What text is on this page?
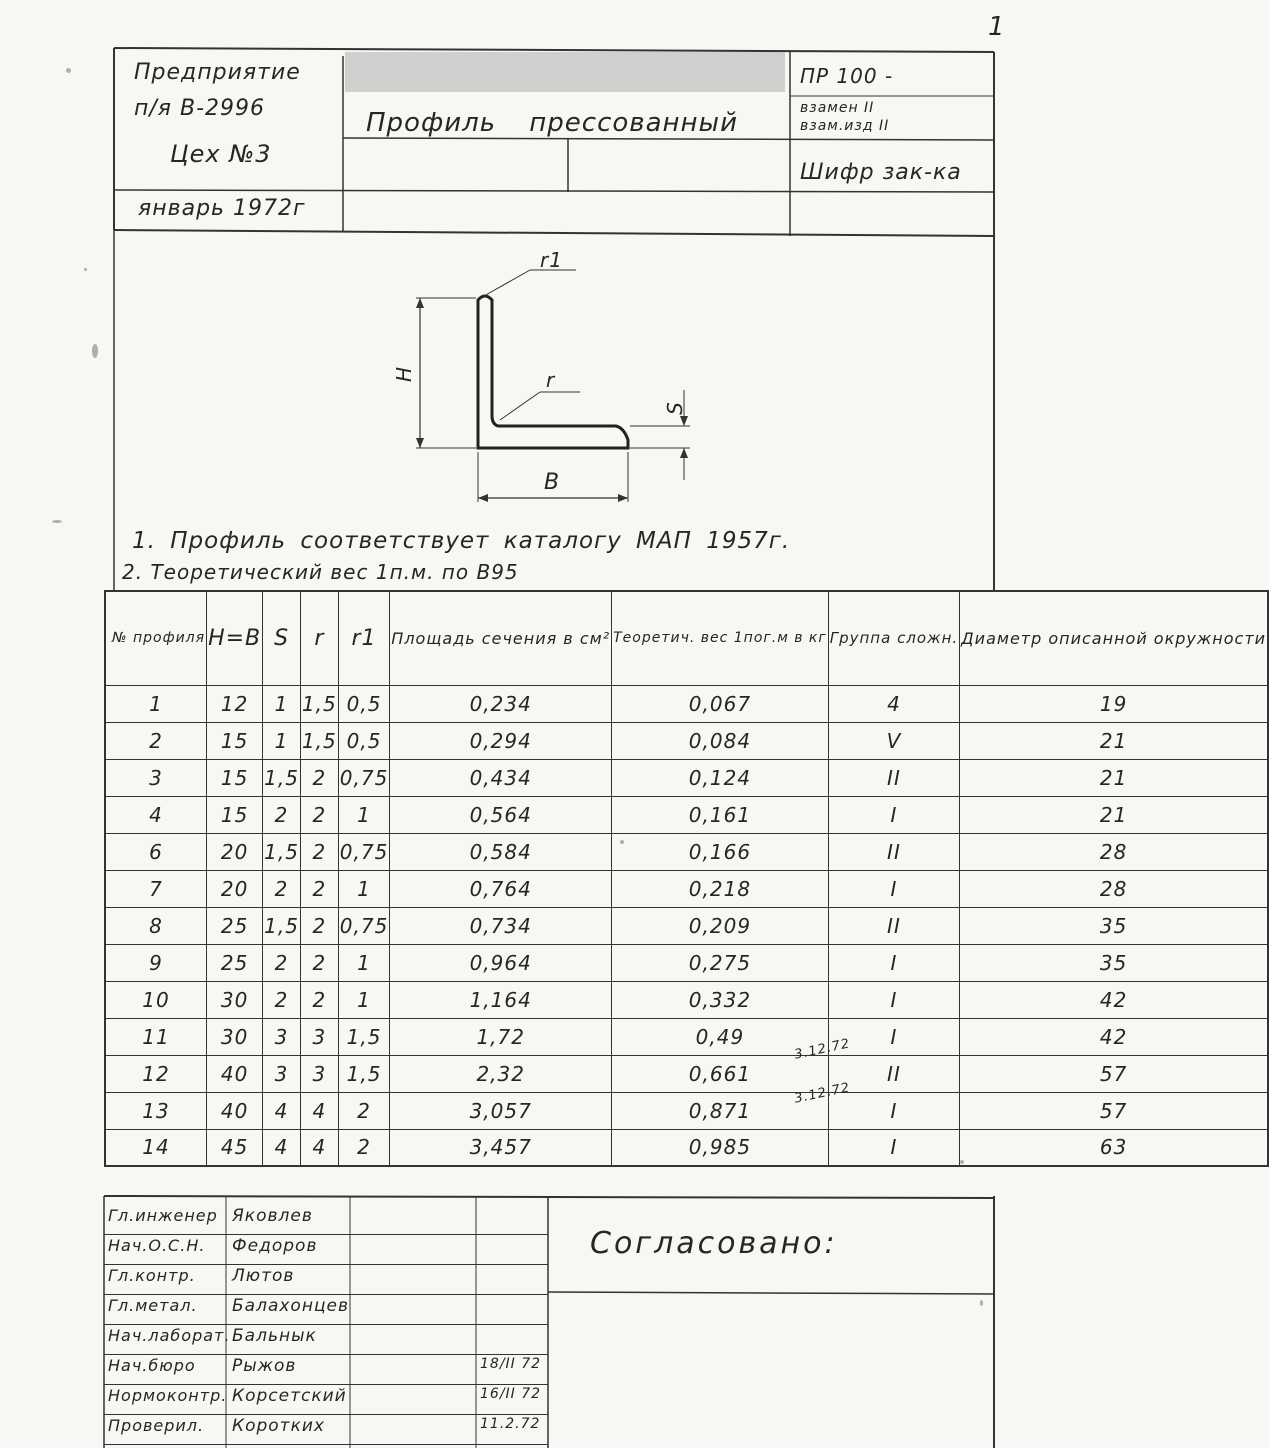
1
Предприятие
п/я В-2996
Цех №3
январь 1972г
Профиль прессованный
ПР 100 -
взамен II
взам.изд II
Шифр зак-ка
H
В
S
r1
r
1. Профиль соответствует каталогу МАП 1957г.
2. Теоретический вес 1п.м. по В95
№ профиля	H=B	S	r	r1	Площадь сечения в см²	Теоретич. вес 1пог.м в кг	Группа сложн.	Диаметр описанной окружности
1	12	1	1,5	0,5	0,234	0,067	4	19
2	15	1	1,5	0,5	0,294	0,084	V	21
3	15	1,5	2	0,75	0,434	0,124	II	21
4	15	2	2	1	0,564	0,161	I	21
6	20	1,5	2	0,75	0,584	0,166	II	28
7	20	2	2	1	0,764	0,218	I	28
8	25	1,5	2	0,75	0,734	0,209	II	35
9	25	2	2	1	0,964	0,275	I	35
10	30	2	2	1	1,164	0,332	I	42
11	30	3	3	1,5	1,72	0,49	I	42
12	40	3	3	1,5	2,32	0,661	II	57
13	40	4	4	2	3,057	0,871	I	57
14	45	4	4	2	3,457	0,985	I	63
3.12.72
3.12.72
Гл.инженер Яковлев
Нач.О.С.Н. Федоров
Гл.контр. Лютов
Гл.метал. Балахонцев
Нач.лаборат. Бальнык
Нач.бюро Рыжов	18/II 72
Нормоконтр. Корсетский	16/II 72
Проверил. Коротких	11.2.72
Согласовано:
